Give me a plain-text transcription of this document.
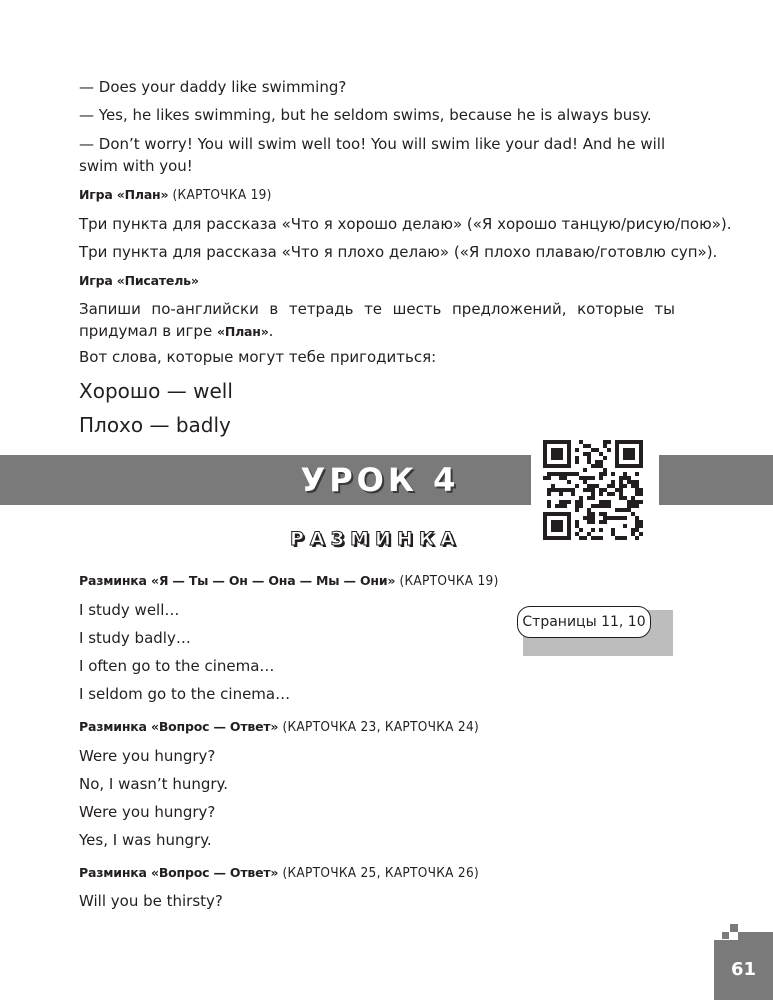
— Does your daddy like swimming?

— Yes, he likes swimming, but he seldom swims, because he is always busy.

— Don’t worry! You will swim well too! You will swim like your dad! And he will swim with you!

Игра «План» (КАРТОЧКА 19)

Три пункта для рассказа «Что я хорошо делаю» («Я хорошо танцую/рисую/пою»).

Три пункта для рассказа «Что я плохо делаю» («Я плохо плаваю/готовлю суп»).

Игра «Писатель»

Запиши по-английски в тетрадь те шесть предложений, которые ты придумал в игре «План».

Вот слова, которые могут тебе пригодиться:

Хорошо — well

Плохо — badly

УРОК 4
РАЗМИНКА
Страницы 11, 10

Разминка «Я — Ты — Он — Она — Мы — Они» (КАРТОЧКА 19)

I study well…

I study badly…

I often go to the cinema…

I seldom go to the cinema…

Разминка «Вопрос — Ответ» (КАРТОЧКА 23, КАРТОЧКА 24)

Were you hungry?

No, I wasn’t hungry.

Were you hungry?

Yes, I was hungry.

Разминка «Вопрос — Ответ» (КАРТОЧКА 25, КАРТОЧКА 26)

Will you be thirsty?

61
